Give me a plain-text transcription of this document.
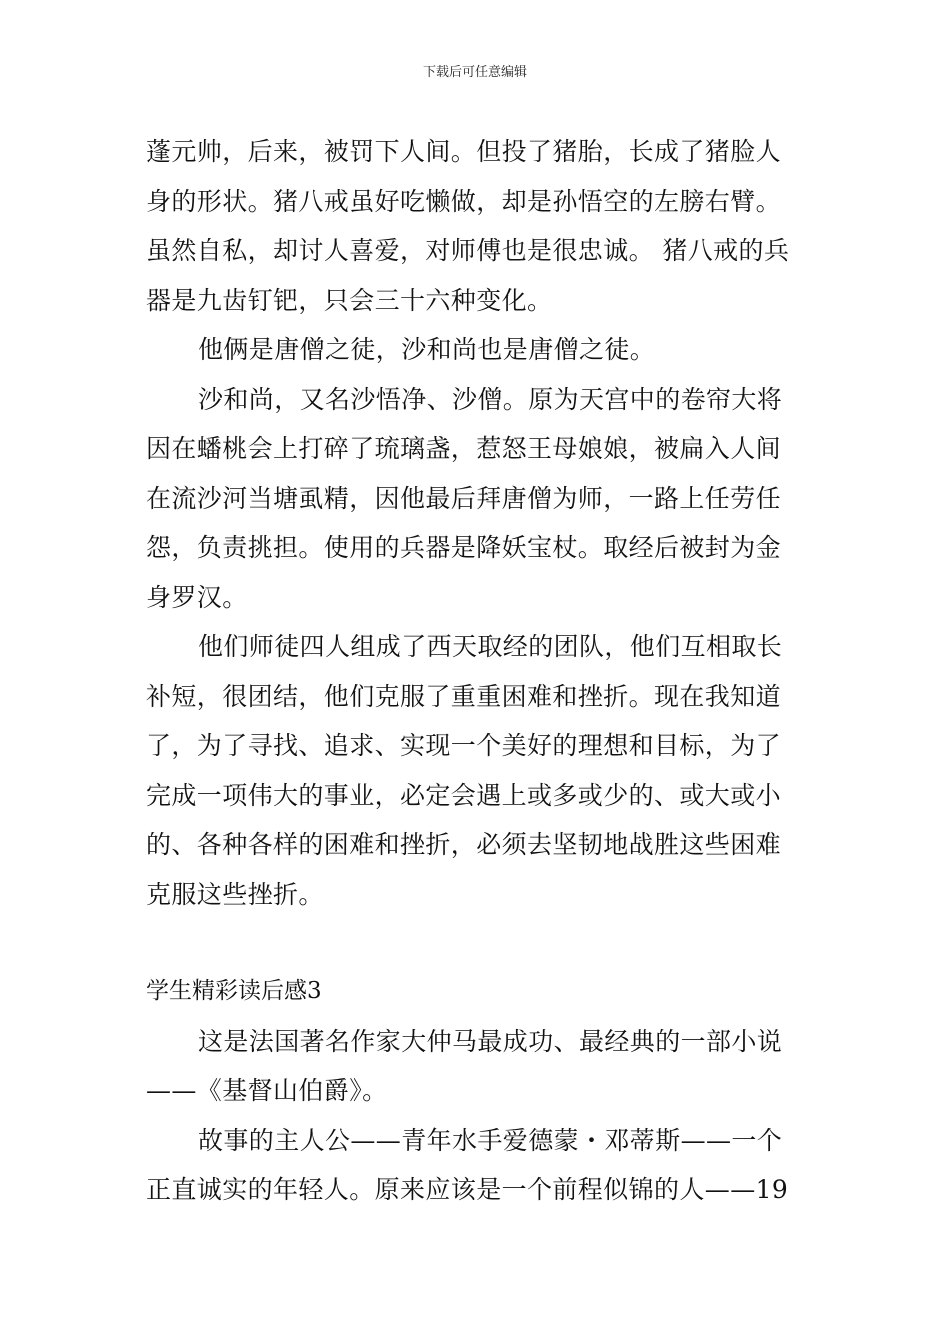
下载后可任意编辑
蓬元帅，后来，被罚下人间。但投了猪胎，长成了猪脸人
身的形状。猪八戒虽好吃懒做，却是孙悟空的左膀右臂。
虽然自私，却讨人喜爱，对师傅也是很忠诚。 猪八戒的兵
器是九齿钉钯，只会三十六种变化。
他俩是唐僧之徒，沙和尚也是唐僧之徒。
沙和尚，又名沙悟净、沙僧。原为天宫中的卷帘大将
因在蟠桃会上打碎了琉璃盏，惹怒王母娘娘，被扁入人间
在流沙河当塘虱精，因他最后拜唐僧为师，一路上任劳任
怨，负责挑担。使用的兵器是降妖宝杖。取经后被封为金
身罗汉。
他们师徒四人组成了西天取经的团队，他们互相取长
补短，很团结，他们克服了重重困难和挫折。现在我知道
了，为了寻找、追求、实现一个美好的理想和目标，为了
完成一项伟大的事业，必定会遇上或多或少的、或大或小
的、各种各样的困难和挫折，必须去坚韧地战胜这些困难
克服这些挫折。
学生精彩读后感3
这是法国著名作家大仲马最成功、最经典的一部小说
——《基督山伯爵》。
故事的主人公——青年水手爱德蒙・邓蒂斯——一个
正直诚实的年轻人。原来应该是一个前程似锦的人——19
